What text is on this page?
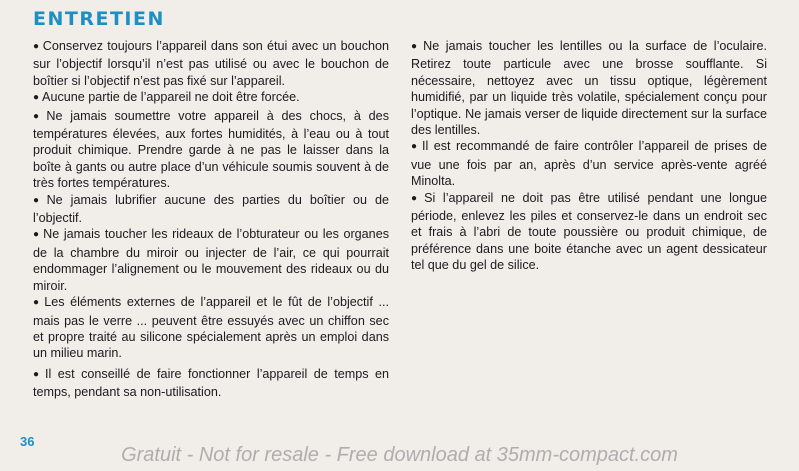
ENTRETIEN

● Conservez toujours l’appareil dans son étui avec un bouchon sur l’objectif lorsqu’il n’est pas utilisé ou avec le bouchon de boîtier si l’objectif n’est pas fixé sur l’appareil.

● Aucune partie de l’appareil ne doit être forcée.

● Ne jamais soumettre votre appareil à des chocs, à des températures élevées, aux fortes humidités, à l’eau ou à tout produit chimique. Prendre garde à ne pas le laisser dans la boîte à gants ou autre place d’un véhicule soumis souvent à de très fortes températures.

● Ne jamais lubrifier aucune des parties du boîtier ou de l’objectif.

● Ne jamais toucher les rideaux de l’obturateur ou les organes de la chambre du miroir ou injecter de l’air, ce qui pourrait endommager l’alignement ou le mouvement des rideaux ou du miroir.

● Les éléments externes de l’appareil et le fût de l’objectif ... mais pas le verre ... peuvent être essuyés avec un chiffon sec et propre traité au silicone spécialement après un emploi dans un milieu marin.

● Il est conseillé de faire fonctionner l’appareil de temps en temps, pendant sa non-utilisation.

● Ne jamais toucher les lentilles ou la surface de l’oculaire. Retirez toute particule avec une brosse soufflante. Si nécessaire, nettoyez avec un tissu optique, légèrement humidifié, par un liquide très volatile, spécialement conçu pour l’optique. Ne jamais verser de liquide directement sur la surface des lentilles.

● Il est recommandé de faire contrôler l’appareil de prises de vue une fois par an, après d’un service après-vente agréé Minolta.

● Si l’appareil ne doit pas être utilisé pendant une longue période, enlevez les piles et conservez-le dans un endroit sec et frais à l’abri de toute poussière ou produit chimique, de préférence dans une boite étanche avec un agent dessicateur tel que du gel de silice.

36
Gratuit - Not for resale - Free download at 35mm-compact.com
